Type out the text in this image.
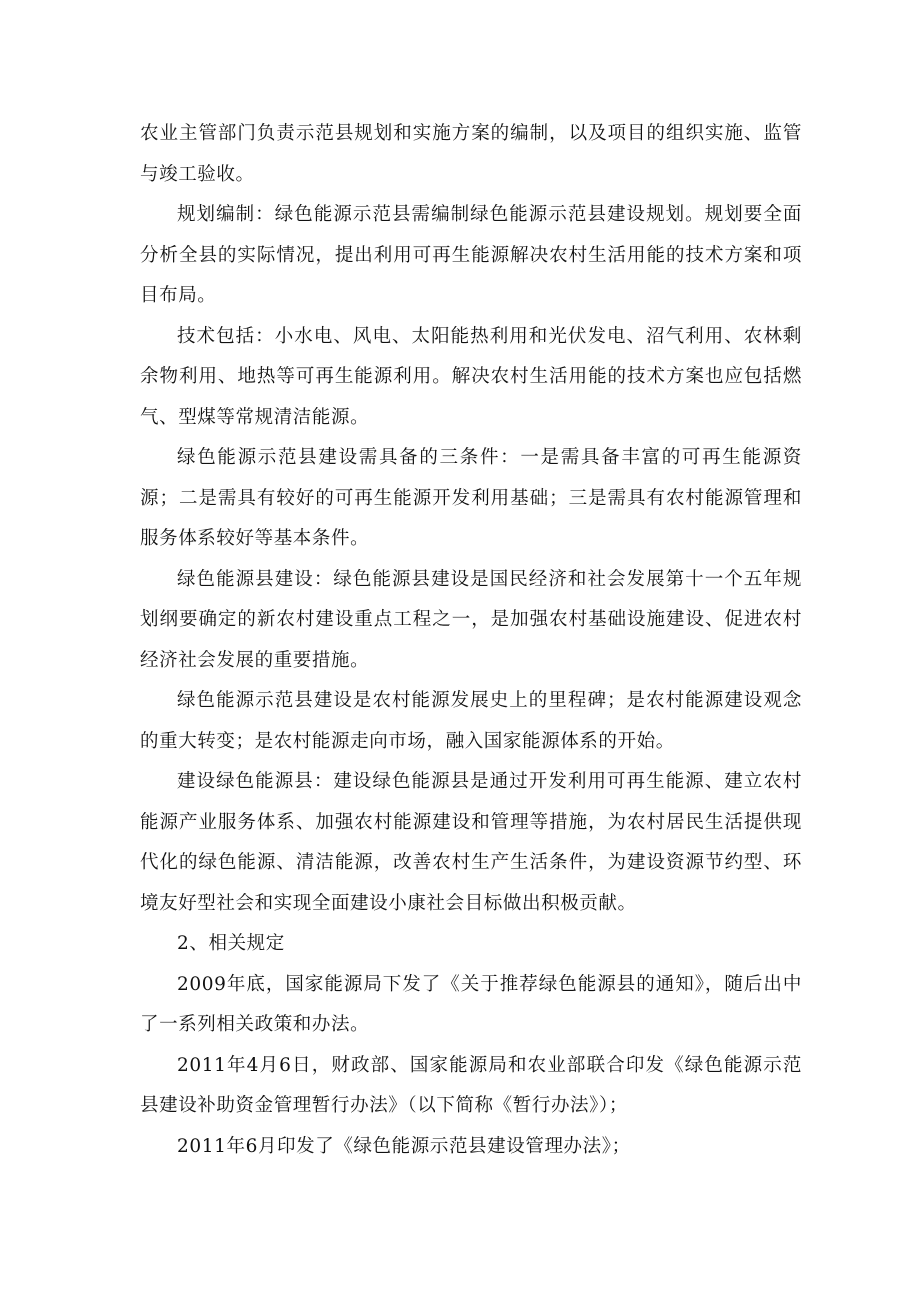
农业主管部门负责示范县规划和实施方案的编制，以及项目的组织实施、监管与竣工验收。

规划编制：绿色能源示范县需编制绿色能源示范县建设规划。规划要全面分析全县的实际情况，提出利用可再生能源解决农村生活用能的技术方案和项目布局。

技术包括：小水电、风电、太阳能热利用和光伏发电、沼气利用、农林剩余物利用、地热等可再生能源利用。解决农村生活用能的技术方案也应包括燃气、型煤等常规清洁能源。

绿色能源示范县建设需具备的三条件：一是需具备丰富的可再生能源资源；二是需具有较好的可再生能源开发利用基础；三是需具有农村能源管理和服务体系较好等基本条件。

绿色能源县建设：绿色能源县建设是国民经济和社会发展第十一个五年规划纲要确定的新农村建设重点工程之一，是加强农村基础设施建设、促进农村经济社会发展的重要措施。

绿色能源示范县建设是农村能源发展史上的里程碑；是农村能源建设观念的重大转变；是农村能源走向市场，融入国家能源体系的开始。

建设绿色能源县：建设绿色能源县是通过开发利用可再生能源、建立农村能源产业服务体系、加强农村能源建设和管理等措施，为农村居民生活提供现代化的绿色能源、清洁能源，改善农村生产生活条件，为建设资源节约型、环境友好型社会和实现全面建设小康社会目标做出积极贡献。

2、相关规定

2009年底，国家能源局下发了《关于推荐绿色能源县的通知》，随后出中了一系列相关政策和办法。

2011年4月6日，财政部、国家能源局和农业部联合印发《绿色能源示范县建设补助资金管理暂行办法》（以下简称《暂行办法》）；

2011年6月印发了《绿色能源示范县建设管理办法》；
